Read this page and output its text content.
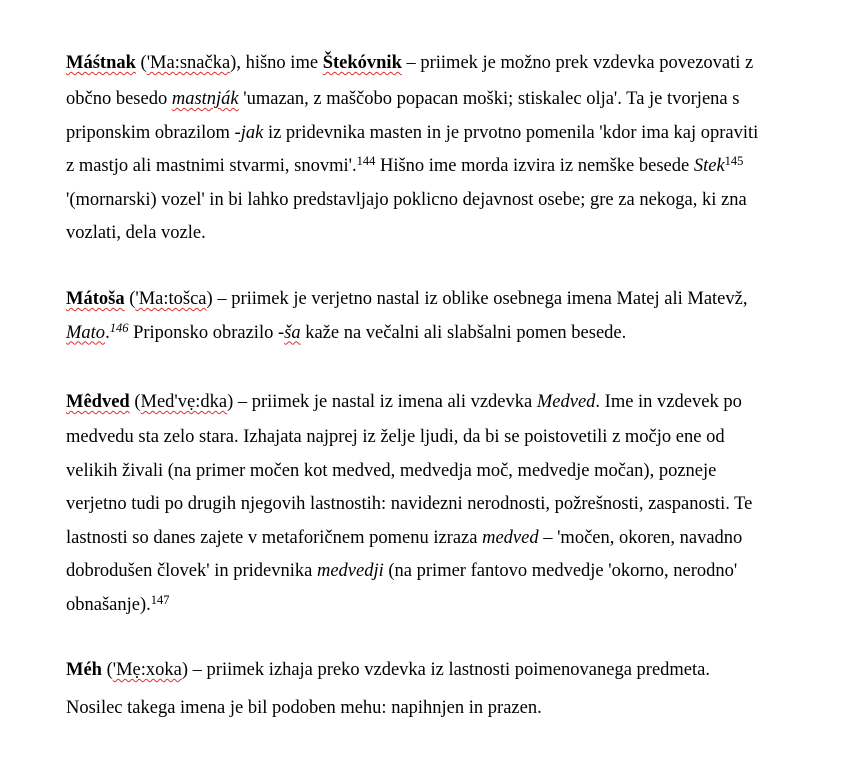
Máśtnak ('Ma:snačka), hišno ime Štekóvnik – priimek je možno prek vzdevka povezovati z
občno besedo mastnják 'umazan, z maščobo popacan moški; stiskalec olja'. Ta je tvorjena s
priponskim obrazilom -jak iz pridevnika masten in je prvotno pomenila 'kdor ima kaj opraviti
z mastjo ali mastnimi stvarmi, snovmi'.$^{144}$ Hišno ime morda izvira iz nemške besede Stek$^{145}$
'(mornarski) vozel' in bi lahko predstavljajo poklicno dejavnost osebe; gre za nekoga, ki zna
vozlati, dela vozle.
Mátoša ('Ma:tošca) – priimek je verjetno nastal iz oblike osebnega imena Matej ali Matevž,
Mato.$^{146}$ Priponsko obrazilo -ša kaže na večalni ali slabšalni pomen besede.
Mêdved (Med'vẹ:dka) – priimek je nastal iz imena ali vzdevka Medved. Ime in vzdevek po
medvedu sta zelo stara. Izhajata najprej iz želje ljudi, da bi se poistovetili z močjo ene od
velikih živali (na primer močen kot medved, medvedja moč, medvedje močan), pozneje
verjetno tudi po drugih njegovih lastnostih: navidezni nerodnosti, požrešnosti, zaspanosti. Te
lastnosti so danes zajete v metaforičnem pomenu izraza medved – 'močen, okoren, navadno
dobrodušen človek' in pridevnika medvedji (na primer fantovo medvedje 'okorno, nerodno'
obnašanje).$^{147}$
Méh ('Mẹ:xoka) – priimek izhaja preko vzdevka iz lastnosti poimenovanega predmeta.
Nosilec takega imena je bil podoben mehu: napihnjen in prazen.
